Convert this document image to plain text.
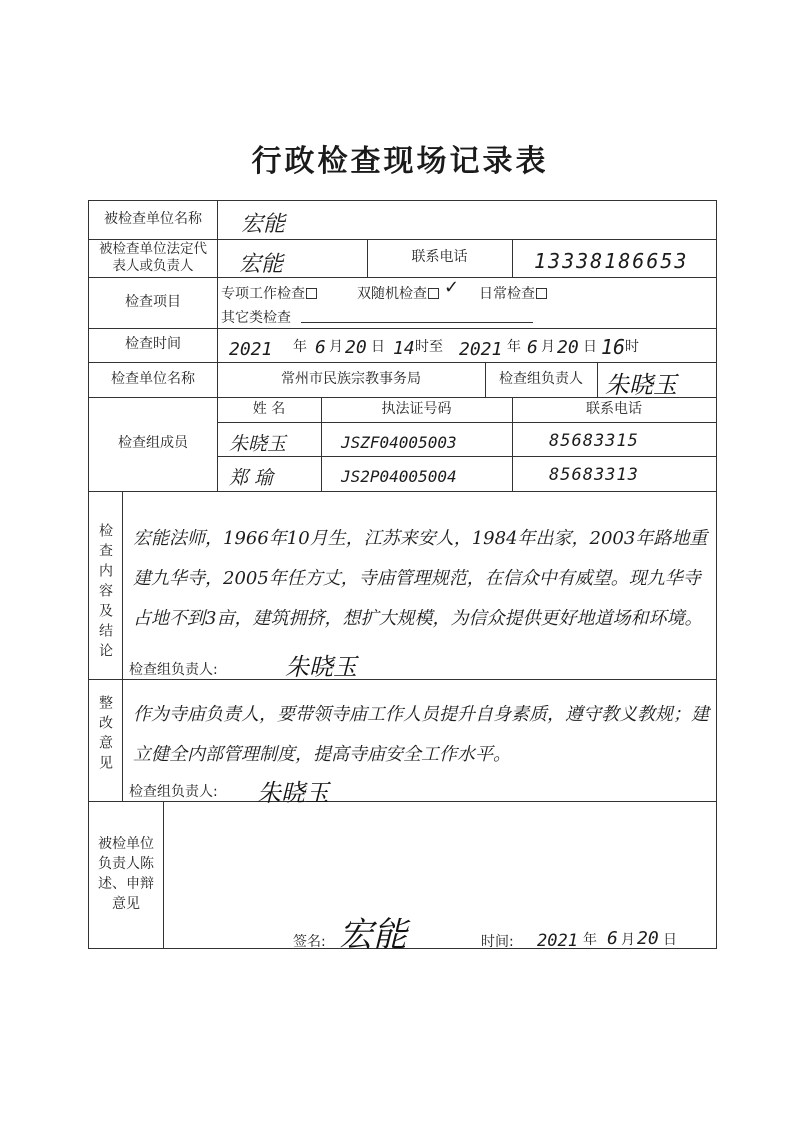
行政检查现场记录表
被检查单位名称	宏能
被检查单位法定代表人或负责人	宏能	联系电话	13338186653
检查项目	专项工作检查	双随机检查 ✓ 日常检查
其它类检查
检查时间	2021 年 6 月 20 日 14 时至 2021 年 6 月 20 日 16 时
检查单位名称	常州市民族宗教事务局	检查组负责人 朱晓玉
检查组成员
姓 名	执法证号码	联系电话
朱晓玉	JSZF04005003	85683315
郑 瑜	JS2P04005004	85683313
检查内容及结论 宏能法师，1966年10月生，江苏来安人，1984年出家，2003年路地重建九华寺，2005年任方丈，寺庙管理规范，在信众中有威望。现九华寺占地不到3亩，建筑拥挤，想扩大规模，为信众提供更好地道场和环境。
检查组负责人:	朱晓玉
整改意见 作为寺庙负责人，要带领寺庙工作人员提升自身素质，遵守教义教规；建立健全内部管理制度，提高寺庙安全工作水平。
检查组负责人: 朱晓玉
被检单位负责人陈述、申辩意见
签名: 宏能	时间: 2021 年 6 月 20 日
